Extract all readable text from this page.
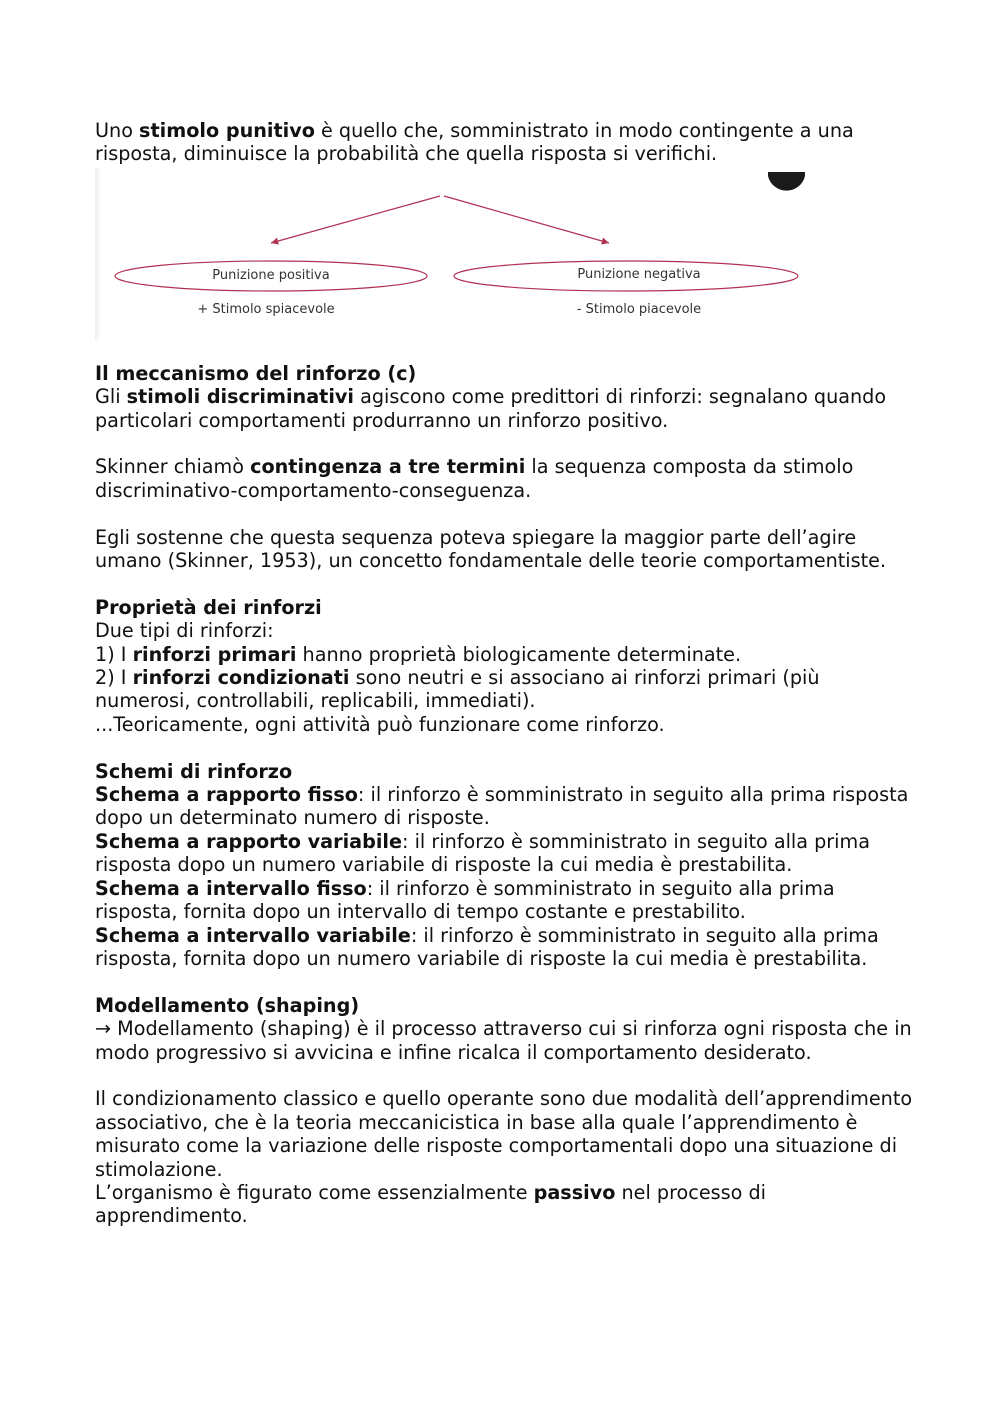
Uno stimolo punitivo è quello che, somministrato in modo contingente a una risposta, diminuisce la probabilità che quella risposta si verifichi.

Punizione positiva
+ Stimolo spiacevole
Punizione negativa
- Stimolo piacevole

Il meccanismo del rinforzo (c)

Gli stimoli discriminativi agiscono come predittori di rinforzi: segnalano quando particolari comportamenti produrranno un rinforzo positivo.

Skinner chiamò contingenza a tre termini la sequenza composta da stimolo discriminativo-comportamento-conseguenza.

Egli sostenne che questa sequenza poteva spiegare la maggior parte dell’agire umano (Skinner, 1953), un concetto fondamentale delle teorie comportamentiste.

Proprietà dei rinforzi

Due tipi di rinforzi:

1) I rinforzi primari hanno proprietà biologicamente determinate.

2) I rinforzi condizionati sono neutri e si associano ai rinforzi primari (più numerosi, controllabili, replicabili, immediati).

...Teoricamente, ogni attività può funzionare come rinforzo.

Schemi di rinforzo

Schema a rapporto fisso: il rinforzo è somministrato in seguito alla prima risposta dopo un determinato numero di risposte.

Schema a rapporto variabile: il rinforzo è somministrato in seguito alla prima risposta dopo un numero variabile di risposte la cui media è prestabilita.

Schema a intervallo fisso: il rinforzo è somministrato in seguito alla prima risposta, fornita dopo un intervallo di tempo costante e prestabilito.

Schema a intervallo variabile: il rinforzo è somministrato in seguito alla prima risposta, fornita dopo un numero variabile di risposte la cui media è prestabilita.

Modellamento (shaping)

→ Modellamento (shaping) è il processo attraverso cui si rinforza ogni risposta che in modo progressivo si avvicina e infine ricalca il comportamento desiderato.

Il condizionamento classico e quello operante sono due modalità dell’apprendimento associativo, che è la teoria meccanicistica in base alla quale l’apprendimento è misurato come la variazione delle risposte comportamentali dopo una situazione di stimolazione.

L’organismo è figurato come essenzialmente passivo nel processo di apprendimento.
